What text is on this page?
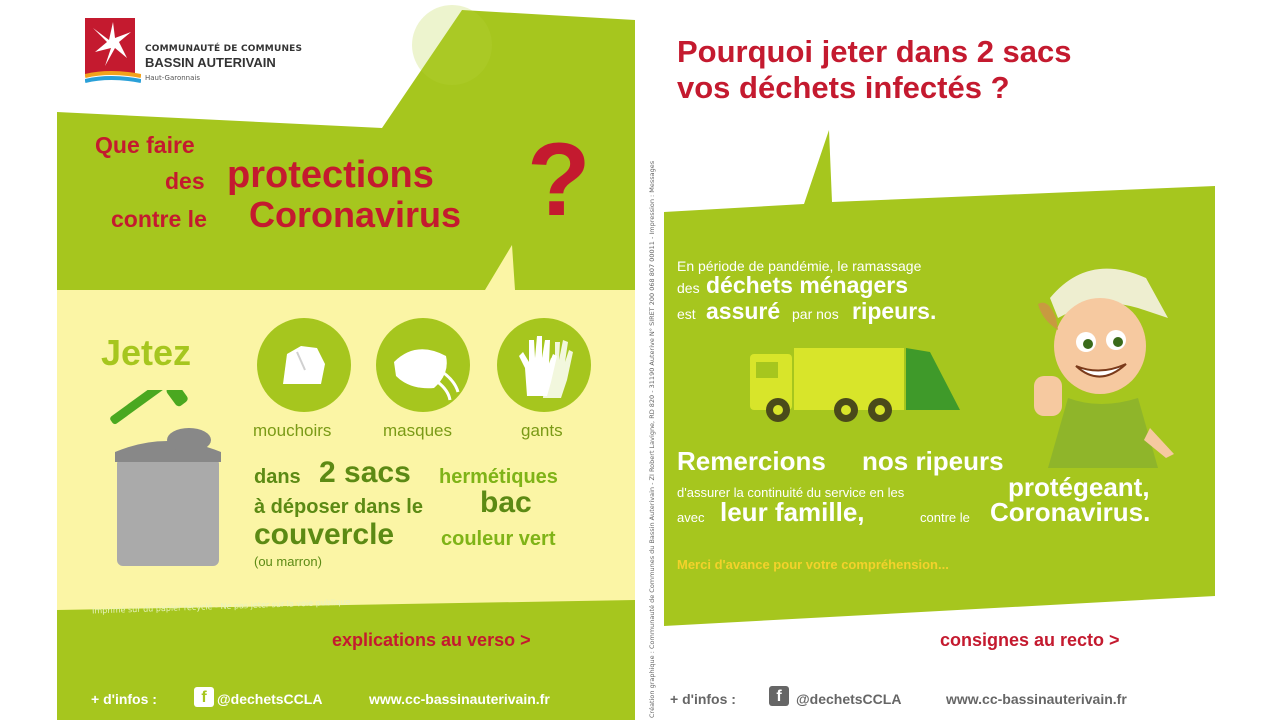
COMMUNAUTÉ DE COMMUNES
BASSIN AUTERIVAIN
Haut-Garonnais
Que faire
des protections
contre le Coronavirus ?
Jetez
mouchoirs	masques	gants
dans 2 sacs hermétiques
à déposer dans le bac
couvercle couleur vert
(ou marron)
Imprimé sur du papier recyclé - Ne pas jeter sur la voie publique
explications au verso >
+ d'infos :	f @dechetsCCLA	www.cc-bassinauterivain.fr
Pourquoi jeter dans 2 sacs
vos déchets infectés ?
Création graphique : Communauté de Communes du Bassin Auterivain - ZI Robert Lavigne, RD 820 - 31190 Auterive N° SIRET 200 068 807 00011 - Impression : Messages En période de pandémie, le ramassage
des déchets ménagers
est assuré par nos ripeurs.
Remercions nos ripeurs
d'assurer la continuité du service en les	protégeant,
avec leur famille,	contre le Coronavirus.
Merci d'avance pour votre compréhension...
consignes au recto >
+ d'infos :	f	@dechetsCCLA	www.cc-bassinauterivain.fr
